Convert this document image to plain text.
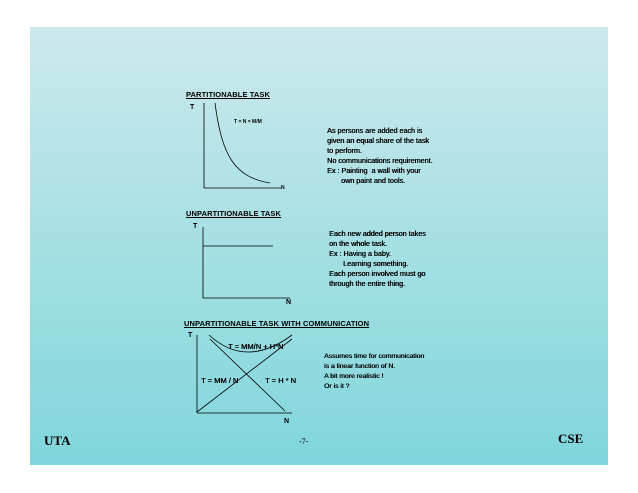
PARTITIONABLE TASK
T
N
T = N = M/M
As persons are added each is
given an equal share of the task
to perform.
No communications requirement.
Ex : Painting  a wall with your
own paint and tools.
UNPARTITIONABLE TASK
T
N
Each new added person takes
on the whole task.
Ex : Having a baby.
Learning something.
Each person involved must go
through the entire thing.
UNPARTITIONABLE TASK WITH COMMUNICATION
T
N
T = MM/N + H*N
T = MM / N	T = H * N
Assumes time for communication
is a linear function of N.
A bit more realistic !
Or is it ?
UTA	-7-	CSE
